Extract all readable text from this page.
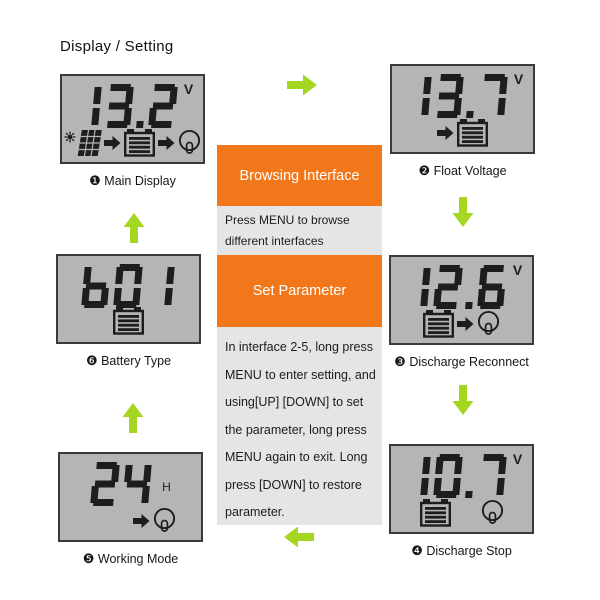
Display / Setting
V
❶ Main Display
V
❷ Float Voltage
V
❸ Discharge Reconnect
V
❹ Discharge Stop
H
❺ Working Mode
❻ Battery Type
Browsing Interface
Press MENU to browse
different interfaces
Set Parameter
In interface 2-5, long press
MENU to enter setting, and
using[UP] [DOWN] to set
the parameter, long press
MENU again to exit. Long
press [DOWN] to restore
parameter.
